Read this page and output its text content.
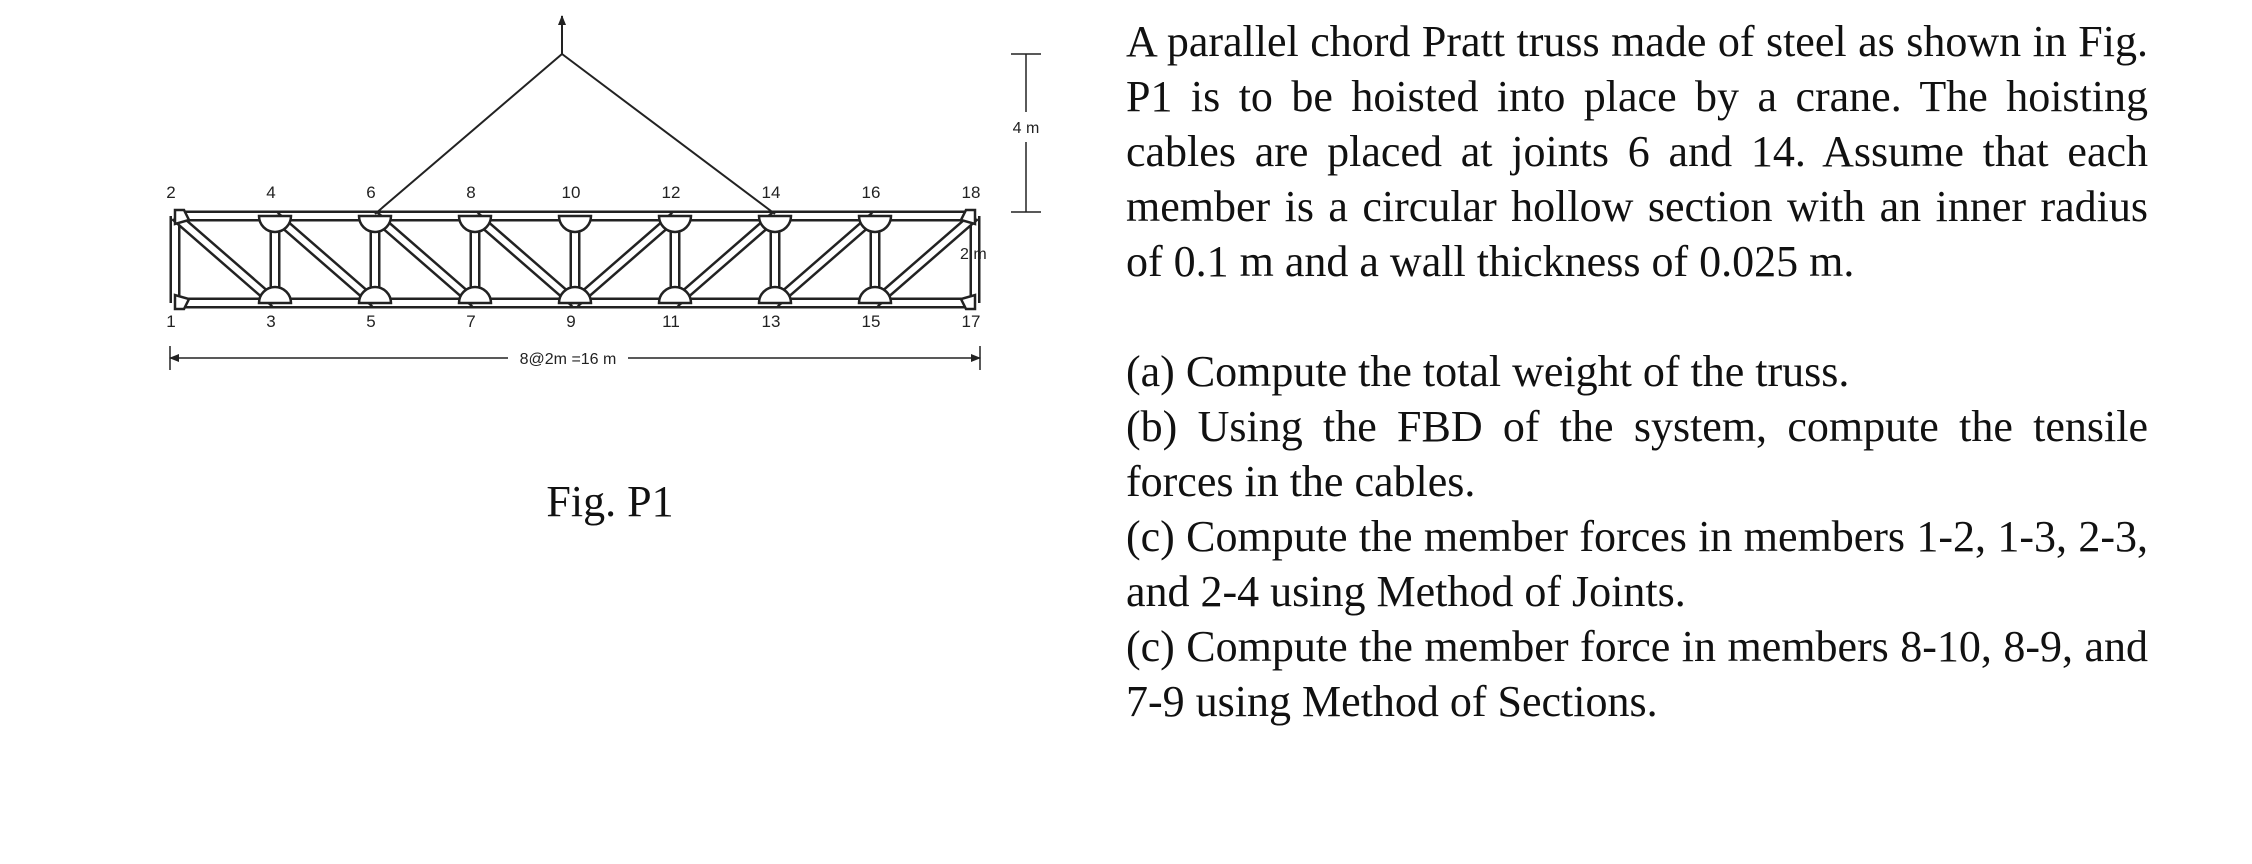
2	4	6	8	10	12	14	16	18
1	3	5	7	9	11	13	15	17
8@2m =16 m
2 m
4 m
Fig. P1

A parallel chord Pratt truss made of steel as shown in Fig. P1 is to be hoisted into place by a crane. The hoisting cables are placed at joints 6 and 14. Assume that each member is a circular hollow section with an inner radius of 0.1 m and a wall thickness of 0.025 m.

(a) Compute the total weight of the truss.

(b) Using the FBD of the system, compute the tensile forces in the cables.

(c) Compute the member forces in members 1-2, 1-3, 2-3, and 2-4 using Method of Joints.

(c) Compute the member force in members 8-10, 8-9, and 7-9 using Method of Sections.
